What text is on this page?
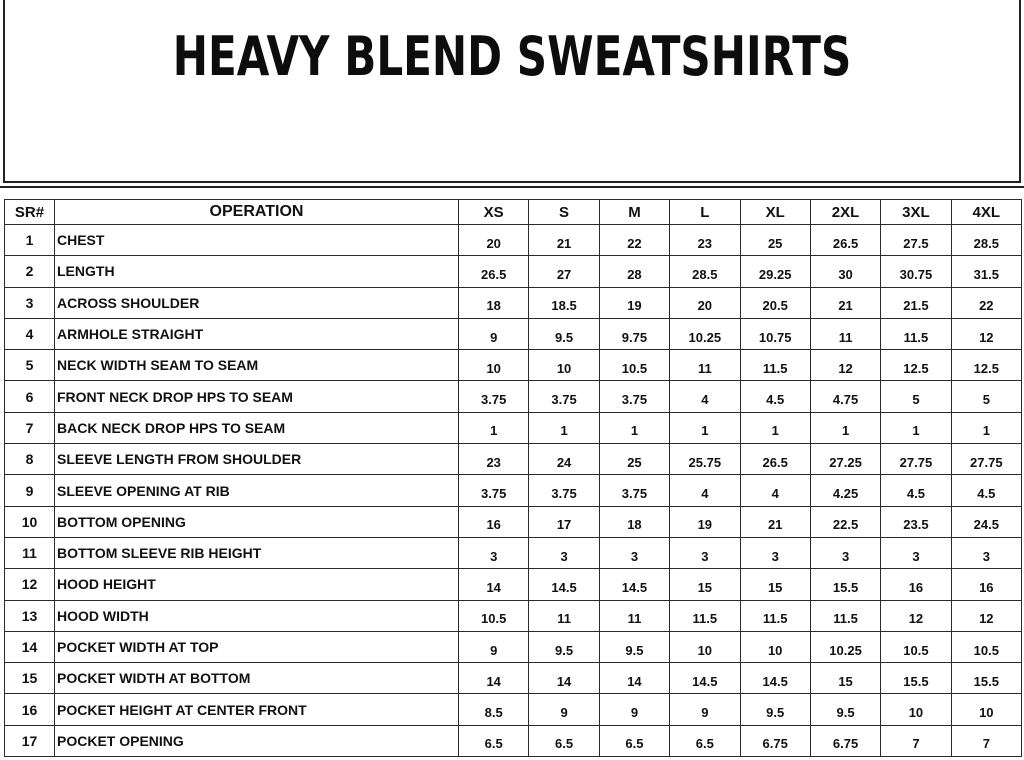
HEAVY BLEND SWEATSHIRTS
SR#	OPERATION	XS	S	M	L	XL	2XL	3XL	4XL
1	CHEST	20	21	22	23	25	26.5	27.5	28.5
2	LENGTH	26.5	27	28	28.5	29.25	30	30.75	31.5
3	ACROSS SHOULDER	18	18.5	19	20	20.5	21	21.5	22
4	ARMHOLE STRAIGHT	9	9.5	9.75	10.25	10.75	11	11.5	12
5	NECK WIDTH SEAM TO SEAM	10	10	10.5	11	11.5	12	12.5	12.5
6	FRONT NECK DROP HPS TO SEAM	3.75	3.75	3.75	4	4.5	4.75	5	5
7	BACK NECK DROP HPS TO SEAM	1	1	1	1	1	1	1	1
8	SLEEVE LENGTH FROM SHOULDER	23	24	25	25.75	26.5	27.25	27.75	27.75
9	SLEEVE OPENING AT RIB	3.75	3.75	3.75	4	4	4.25	4.5	4.5
10	BOTTOM OPENING	16	17	18	19	21	22.5	23.5	24.5
11	BOTTOM SLEEVE RIB HEIGHT	3	3	3	3	3	3	3	3
12	HOOD HEIGHT	14	14.5	14.5	15	15	15.5	16	16
13	HOOD WIDTH	10.5	11	11	11.5	11.5	11.5	12	12
14	POCKET WIDTH AT TOP	9	9.5	9.5	10	10	10.25	10.5	10.5
15	POCKET WIDTH AT BOTTOM	14	14	14	14.5	14.5	15	15.5	15.5
16	POCKET HEIGHT AT CENTER FRONT	8.5	9	9	9	9.5	9.5	10	10
17	POCKET OPENING	6.5	6.5	6.5	6.5	6.75	6.75	7	7
